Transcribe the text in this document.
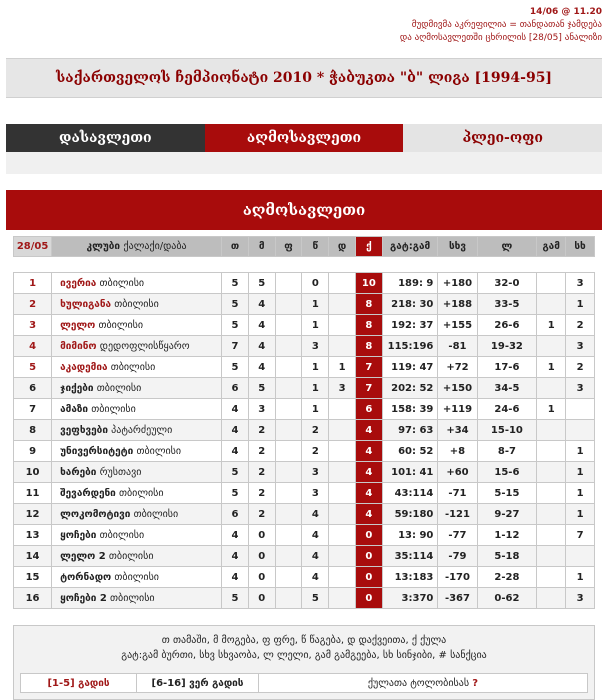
14/06 @ 11.20
მუდმივმა აკრეფილია = თანდათან ჯამდება
და აღმოსავლეთში ცხრილის [28/05] ანალიზი
საქართველოს ჩემპიონატი 2010 * ჭაბუკთა "ბ" ლიგა [1994-95]
დასავლეთი	აღმოსავლეთი	პლეი-ოფი
აღმოსავლეთი
28/05	კლუბი ქალაქი/დაბა	თ	მ	ფ	წ	დ	ქ	გატ:გამ	სხვ	ლ	გამ	სხ

1	ივერია თბილისი	5	5		0		10	189: 9	+180	32-0		3
2	ხულიგანა თბილისი	5	4		1		8	218: 30	+188	33-5		1
3	ლელო თბილისი	5	4		1		8	192: 37	+155	26-6	1	2
4	მიმინო დედოფლისწყარო	7	4		3		8	115:196	-81	19-32		3
5	აკადემია თბილისი	5	4		1	1	7	119: 47	+72	17-6	1	2
6	ჯიქები თბილისი	6	5		1	3	7	202: 52	+150	34-5		3
7	ამაზი თბილისი	4	3		1		6	158: 39	+119	24-6	1	
8	ვეფხვები პატარძეული	4	2		2		4	97: 63	+34	15-10		
9	უნივერსიტეტი თბილისი	4	2		2		4	60: 52	+8	8-7		1
10	ხარები რუსთავი	5	2		3		4	101: 41	+60	15-6		1
11	შევარდენი თბილისი	5	2		3		4	43:114	-71	5-15		1
12	ლოკომოტივი თბილისი	6	2		4		4	59:180	-121	9-27		1
13	ყოჩები თბილისი	4	0		4		0	13: 90	-77	1-12		7
14	ლელო 2 თბილისი	4	0		4		0	35:114	-79	5-18		
15	ტორნადო თბილისი	4	0		4		0	13:183	-170	2-28		1
16	ყოჩები 2 თბილისი	5	0		5		0	3:370	-367	0-62		3
თ თამაში, მ მოგება, ფ ფრე, წ წაგება, დ დაქვეითა, ქ ქულა
გატ:გამ ბურთი, სხვ სხვაობა, ლ ლელი, გამ გამგეება, სხ სინჯიბი, # სანქცია
[1-5] გადის	[6-16] ვერ გადის	ქულათა ტოლობისას
?
